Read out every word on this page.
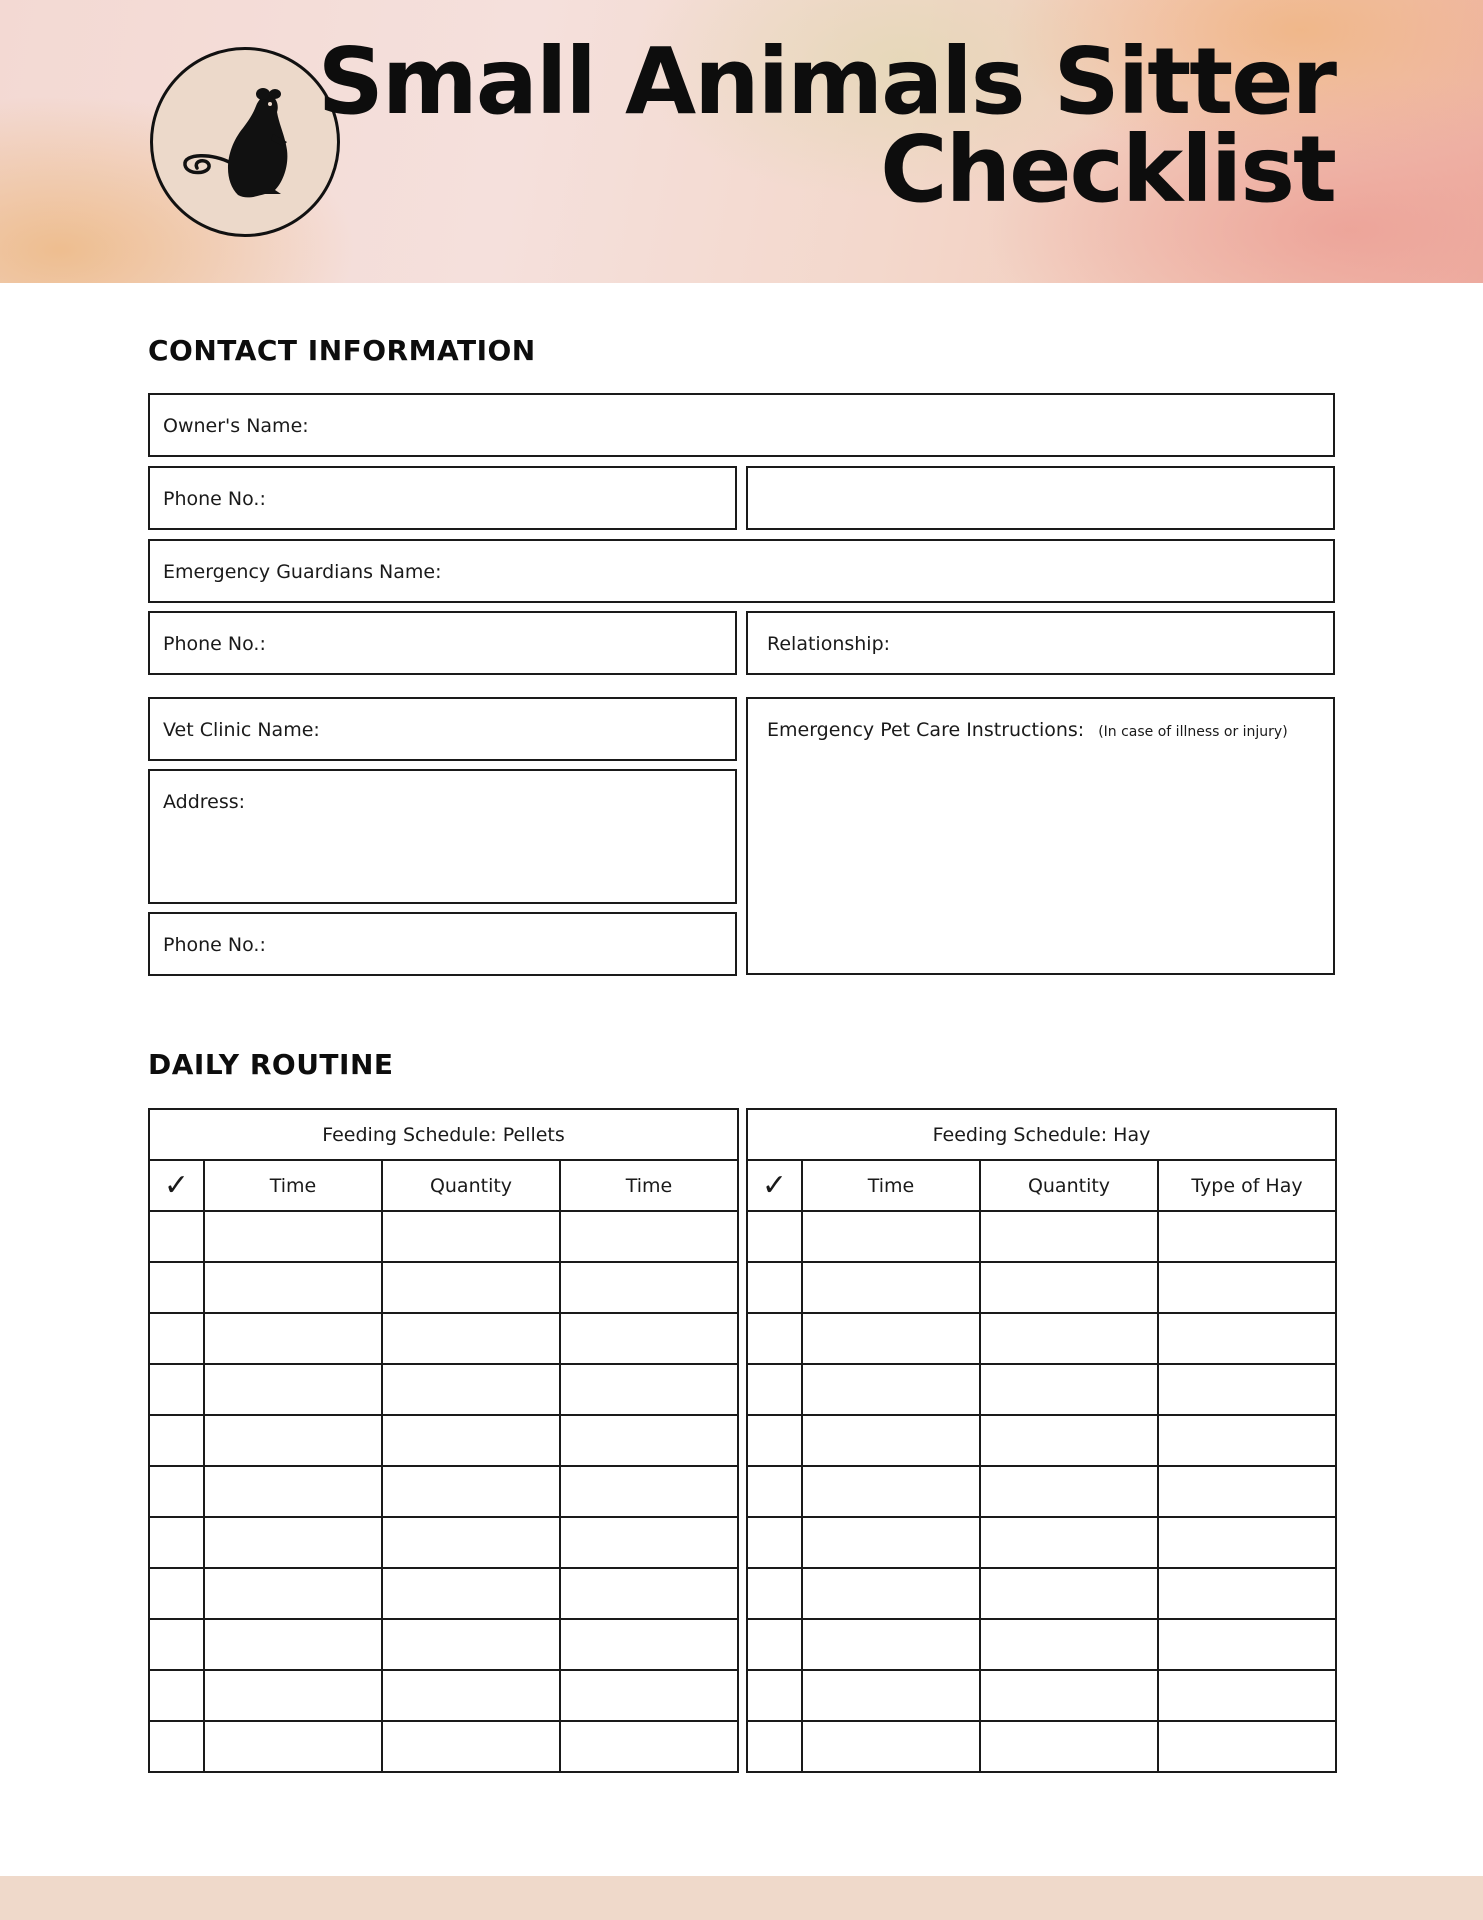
Small Animals Sitter
Checklist
CONTACT INFORMATION
Owner's Name:
Phone No.:
Emergency Guardians Name:
Phone No.:	Relationship:
Vet Clinic Name:
Address:
Phone No.:
Emergency Pet Care Instructions: (In case of illness or injury)
DAILY ROUTINE
Feeding Schedule: Pellets			
✓	Time	Quantity	Time

Feeding Schedule: Hay			
✓	Time	Quantity	Type of Hay
